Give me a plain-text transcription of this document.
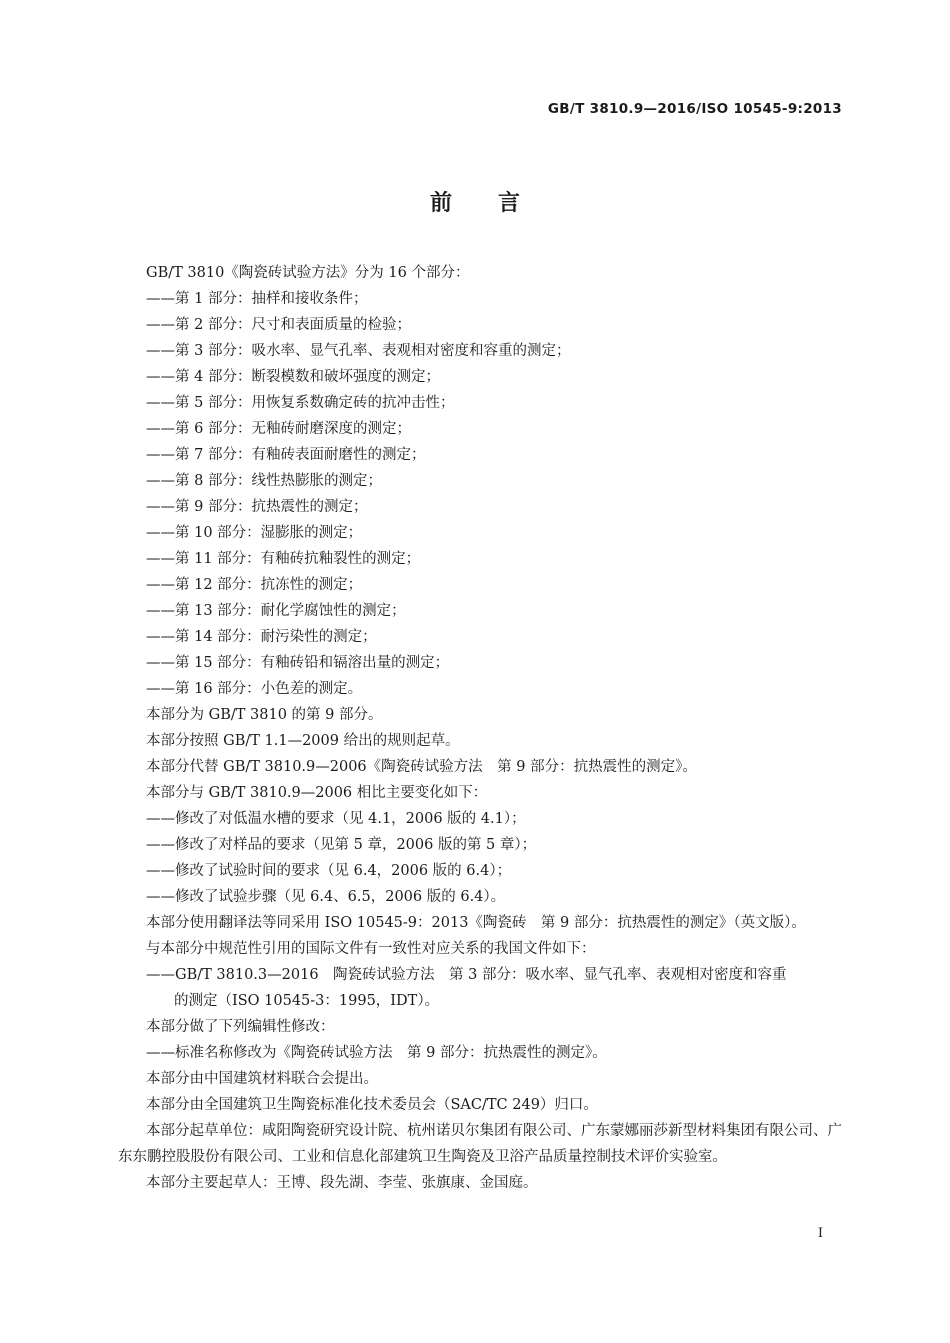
GB/T 3810.9—2016/ISO 10545-9:2013
前言

GB/T 3810《陶瓷砖试验方法》分为 16 个部分：

——第 1 部分：抽样和接收条件；

——第 2 部分：尺寸和表面质量的检验；

——第 3 部分：吸水率、显气孔率、表观相对密度和容重的测定；

——第 4 部分：断裂模数和破坏强度的测定；

——第 5 部分：用恢复系数确定砖的抗冲击性；

——第 6 部分：无釉砖耐磨深度的测定；

——第 7 部分：有釉砖表面耐磨性的测定；

——第 8 部分：线性热膨胀的测定；

——第 9 部分：抗热震性的测定；

——第 10 部分：湿膨胀的测定；

——第 11 部分：有釉砖抗釉裂性的测定；

——第 12 部分：抗冻性的测定；

——第 13 部分：耐化学腐蚀性的测定；

——第 14 部分：耐污染性的测定；

——第 15 部分：有釉砖铅和镉溶出量的测定；

——第 16 部分：小色差的测定。

本部分为 GB/T 3810 的第 9 部分。

本部分按照 GB/T 1.1—2009 给出的规则起草。

本部分代替 GB/T 3810.9—2006《陶瓷砖试验方法　第 9 部分：抗热震性的测定》。

本部分与 GB/T 3810.9—2006 相比主要变化如下：

——修改了对低温水槽的要求（见 4.1，2006 版的 4.1）；

——修改了对样品的要求（见第 5 章，2006 版的第 5 章）；

——修改了试验时间的要求（见 6.4，2006 版的 6.4）；

——修改了试验步骤（见 6.4、6.5，2006 版的 6.4）。

本部分使用翻译法等同采用 ISO 10545-9：2013《陶瓷砖　第 9 部分：抗热震性的测定》（英文版）。

与本部分中规范性引用的国际文件有一致性对应关系的我国文件如下：

——GB/T 3810.3—2016　陶瓷砖试验方法　第 3 部分：吸水率、显气孔率、表观相对密度和容重

的测定（ISO 10545-3：1995，IDT）。

本部分做了下列编辑性修改：

——标准名称修改为《陶瓷砖试验方法　第 9 部分：抗热震性的测定》。

本部分由中国建筑材料联合会提出。

本部分由全国建筑卫生陶瓷标准化技术委员会（SAC/TC 249）归口。

本部分起草单位：咸阳陶瓷研究设计院、杭州诺贝尔集团有限公司、广东蒙娜丽莎新型材料集团有限公司、广东东鹏控股股份有限公司、工业和信息化部建筑卫生陶瓷及卫浴产品质量控制技术评价实验室。

本部分主要起草人：王博、段先湖、李莹、张旗康、金国庭。

I
